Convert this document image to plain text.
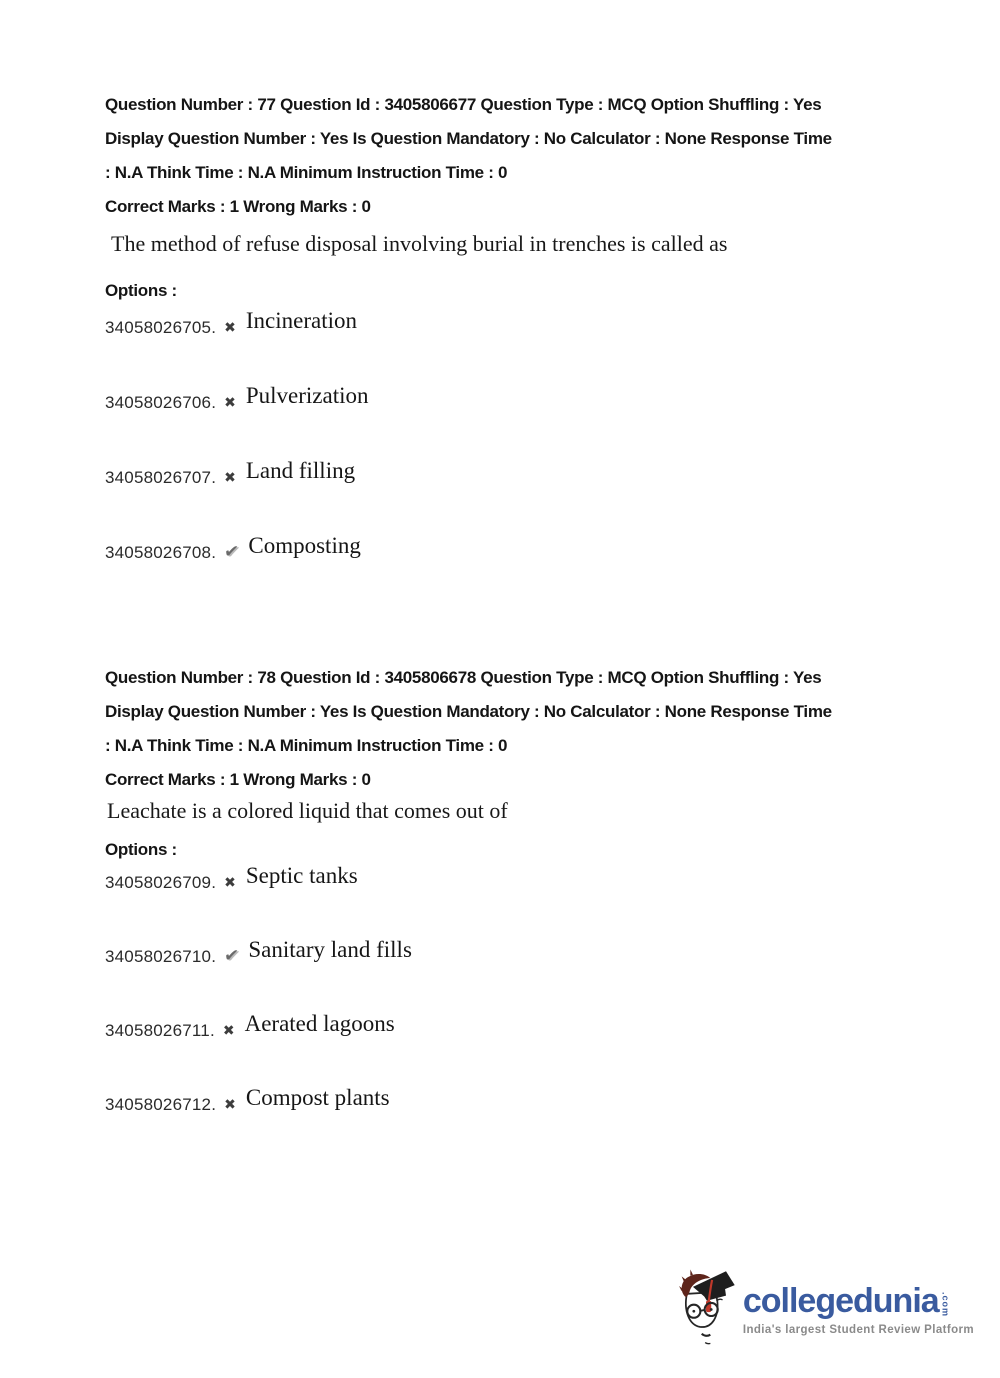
Question Number : 77 Question Id : 3405806677 Question Type : MCQ Option Shuffling : Yes
Display Question Number : Yes Is Question Mandatory : No Calculator : None Response Time
: N.A Think Time : N.A Minimum Instruction Time : 0
Correct Marks : 1 Wrong Marks : 0
The method of refuse disposal involving burial in trenches is called as
Options :
34058026705. ✖ Incineration
34058026706. ✖ Pulverization
34058026707. ✖ Land filling
34058026708. ✔ Composting
Question Number : 78 Question Id : 3405806678 Question Type : MCQ Option Shuffling : Yes
Display Question Number : Yes Is Question Mandatory : No Calculator : None Response Time
: N.A Think Time : N.A Minimum Instruction Time : 0
Correct Marks : 1 Wrong Marks : 0
Leachate is a colored liquid that comes out of
Options :
34058026709. ✖ Septic tanks
34058026710. ✔ Sanitary land fills
34058026711. ✖ Aerated lagoons
34058026712. ✖ Compost plants
collegedunia .com
India's largest Student Review Platform
